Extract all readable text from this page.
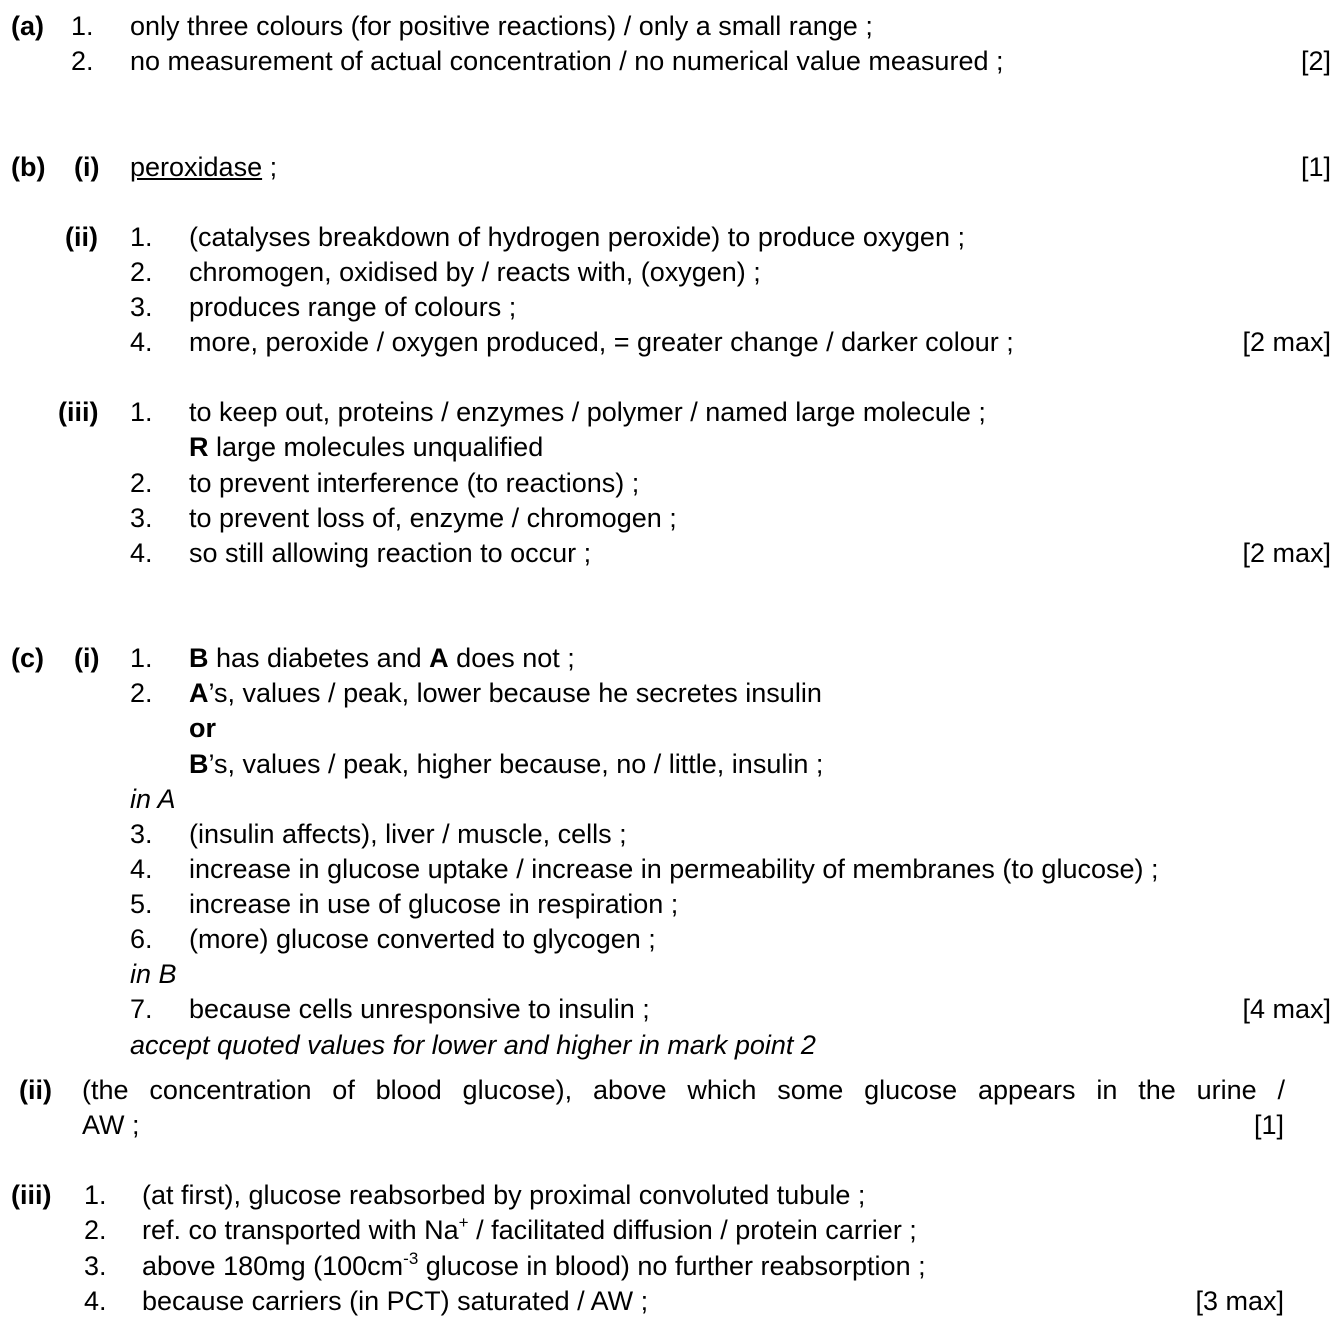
(a) 1. only three colours (for positive reactions) / only a small range ;
2. no measurement of actual concentration / no numerical value measured ;	[2]
(b) (i) peroxidase ;	[1]
(ii) 1. (catalyses breakdown of hydrogen peroxide) to produce oxygen ;
2. chromogen, oxidised by / reacts with, (oxygen) ;
3. produces range of colours ;
4. more, peroxide / oxygen produced, = greater change / darker colour ;	[2 max]
(iii) 1. to keep out, proteins / enzymes / polymer / named large molecule ;
R large molecules unqualified
2. to prevent interference (to reactions) ;
3. to prevent loss of, enzyme / chromogen ;
4. so still allowing reaction to occur ;	[2 max]
(c) (i) 1. B has diabetes and A does not ;
2. A’s, values / peak, lower because he secretes insulin
or
B’s, values / peak, higher because, no / little, insulin ;
in A
3. (insulin affects), liver / muscle, cells ;
4. increase in glucose uptake / increase in permeability of membranes (to glucose) ;
5. increase in use of glucose in respiration ;
6. (more) glucose converted to glycogen ;
in B
7. because cells unresponsive to insulin ;	[4 max]
accept quoted values for lower and higher in mark point 2
(ii) (the concentration of blood glucose), above which some glucose appears in the urine /
AW ;	[1]
(iii) 1. (at first), glucose reabsorbed by proximal convoluted tubule ;
2. ref. co transported with Na+ / facilitated diffusion / protein carrier ;
3. above 180mg ($100cm^{-3}$ glucose in blood) no further reabsorption ;
4. because carriers (in PCT) saturated / AW ;	[3 max]
